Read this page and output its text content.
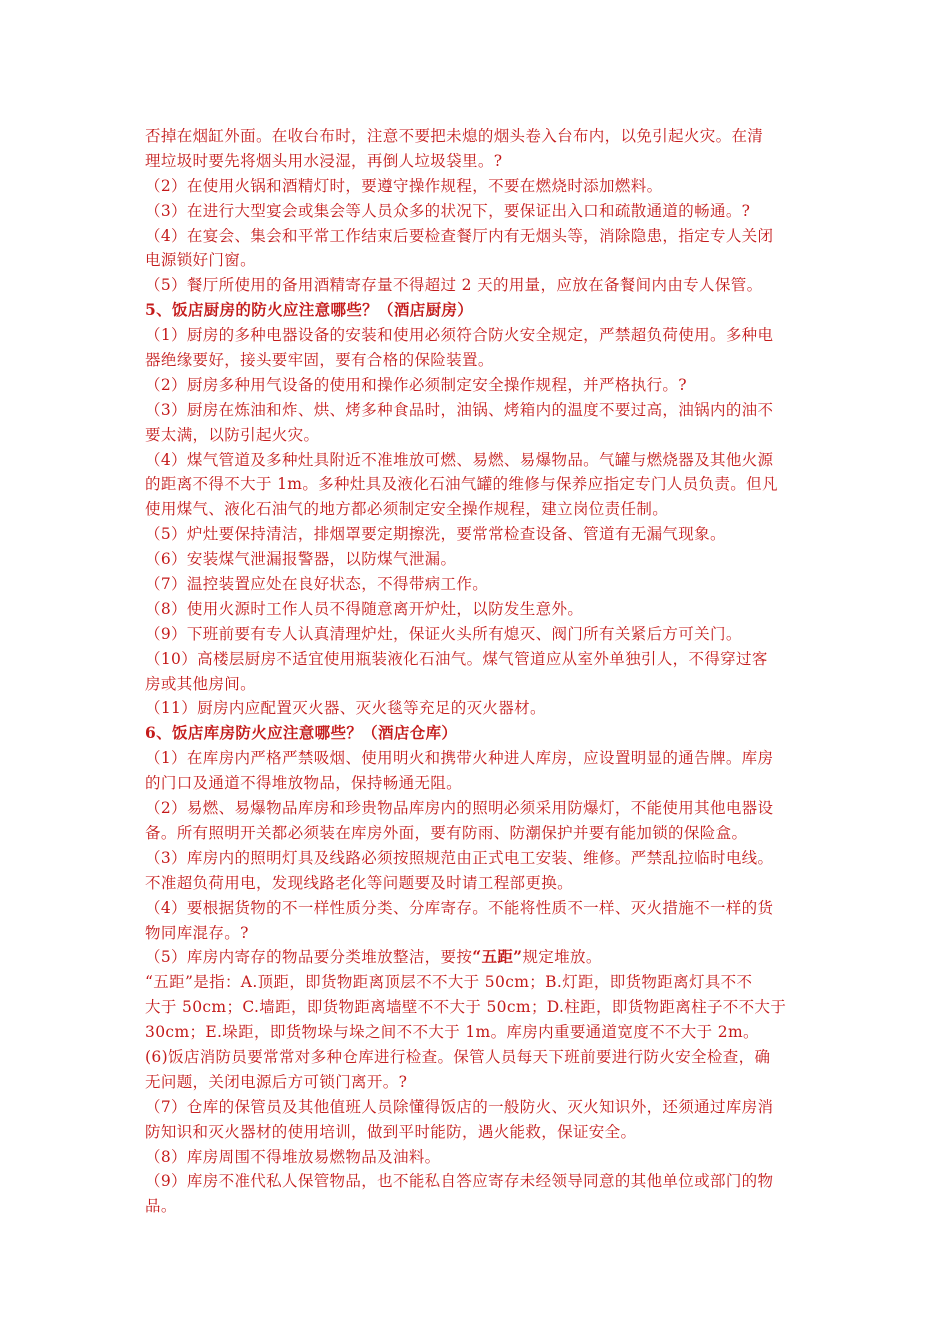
否掉在烟缸外面。在收台布时，注意不要把未熄的烟头卷入台布内，以免引起火灾。在清
理垃圾时要先将烟头用水浸湿，再倒人垃圾袋里。?
（2）在使用火锅和酒精灯时，要遵守操作规程，不要在燃烧时添加燃料。
（3）在进行大型宴会或集会等人员众多的状况下，要保证出入口和疏散通道的畅通。?
（4）在宴会、集会和平常工作结束后要检查餐厅内有无烟头等，消除隐患，指定专人关闭
电源锁好门窗。
（5）餐厅所使用的备用酒精寄存量不得超过 2 天的用量，应放在备餐间内由专人保管。
5、饭店厨房的防火应注意哪些？（酒店厨房）
（1）厨房的多种电器设备的安装和使用必须符合防火安全规定，严禁超负荷使用。多种电
器绝缘要好，接头要牢固，要有合格的保险装置。
（2）厨房多种用气设备的使用和操作必须制定安全操作规程，并严格执行。?
（3）厨房在炼油和炸、烘、烤多种食品时，油锅、烤箱内的温度不要过高，油锅内的油不
要太满，以防引起火灾。
（4）煤气管道及多种灶具附近不准堆放可燃、易燃、易爆物品。气罐与燃烧器及其他火源
的距离不得不大于 1m。多种灶具及液化石油气罐的维修与保养应指定专门人员负责。但凡
使用煤气、液化石油气的地方都必须制定安全操作规程，建立岗位责任制。
（5）炉灶要保持清洁，排烟罩要定期擦洗，要常常检查设备、管道有无漏气现象。
（6）安装煤气泄漏报警器，以防煤气泄漏。
（7）温控装置应处在良好状态，不得带病工作。
（8）使用火源时工作人员不得随意离开炉灶，以防发生意外。
（9）下班前要有专人认真清理炉灶，保证火头所有熄灭、阀门所有关紧后方可关门。
（10）高楼层厨房不适宜使用瓶装液化石油气。煤气管道应从室外单独引人，不得穿过客
房或其他房间。
（11）厨房内应配置灭火器、灭火毯等充足的灭火器材。
6、饭店库房防火应注意哪些？（酒店仓库）
（1）在库房内严格严禁吸烟、使用明火和携带火种进人库房，应设置明显的通告牌。库房
的门口及通道不得堆放物品，保持畅通无阻。
（2）易燃、易爆物品库房和珍贵物品库房内的照明必须采用防爆灯，不能使用其他电器设
备。所有照明开关都必须装在库房外面，要有防雨、防潮保护并要有能加锁的保险盒。
（3）库房内的照明灯具及线路必须按照规范由正式电工安装、维修。严禁乱拉临时电线。
不准超负荷用电，发现线路老化等问题要及时请工程部更换。
（4）要根据货物的不一样性质分类、分库寄存。不能将性质不一样、灭火措施不一样的货
物同库混存。?
（5）库房内寄存的物品要分类堆放整洁，要按“五距”规定堆放。
“五距”是指：A.顶距，即货物距离顶层不不大于 50cm；B.灯距，即货物距离灯具不不
大于 50cm；C.墙距，即货物距离墙壁不不大于 50cm；D.柱距，即货物距离柱子不不大于
30cm；E.垛距，即货物垛与垛之间不不大于 1m。库房内重要通道宽度不不大于 2m。
(6)饭店消防员要常常对多种仓库进行检查。保管人员每天下班前要进行防火安全检查，确
无问题，关闭电源后方可锁门离开。?
（7）仓库的保管员及其他值班人员除懂得饭店的一般防火、灭火知识外，还须通过库房消
防知识和灭火器材的使用培训，做到平时能防，遇火能救，保证安全。
（8）库房周围不得堆放易燃物品及油料。
（9）库房不准代私人保管物品，也不能私自答应寄存未经领导同意的其他单位或部门的物
品。
